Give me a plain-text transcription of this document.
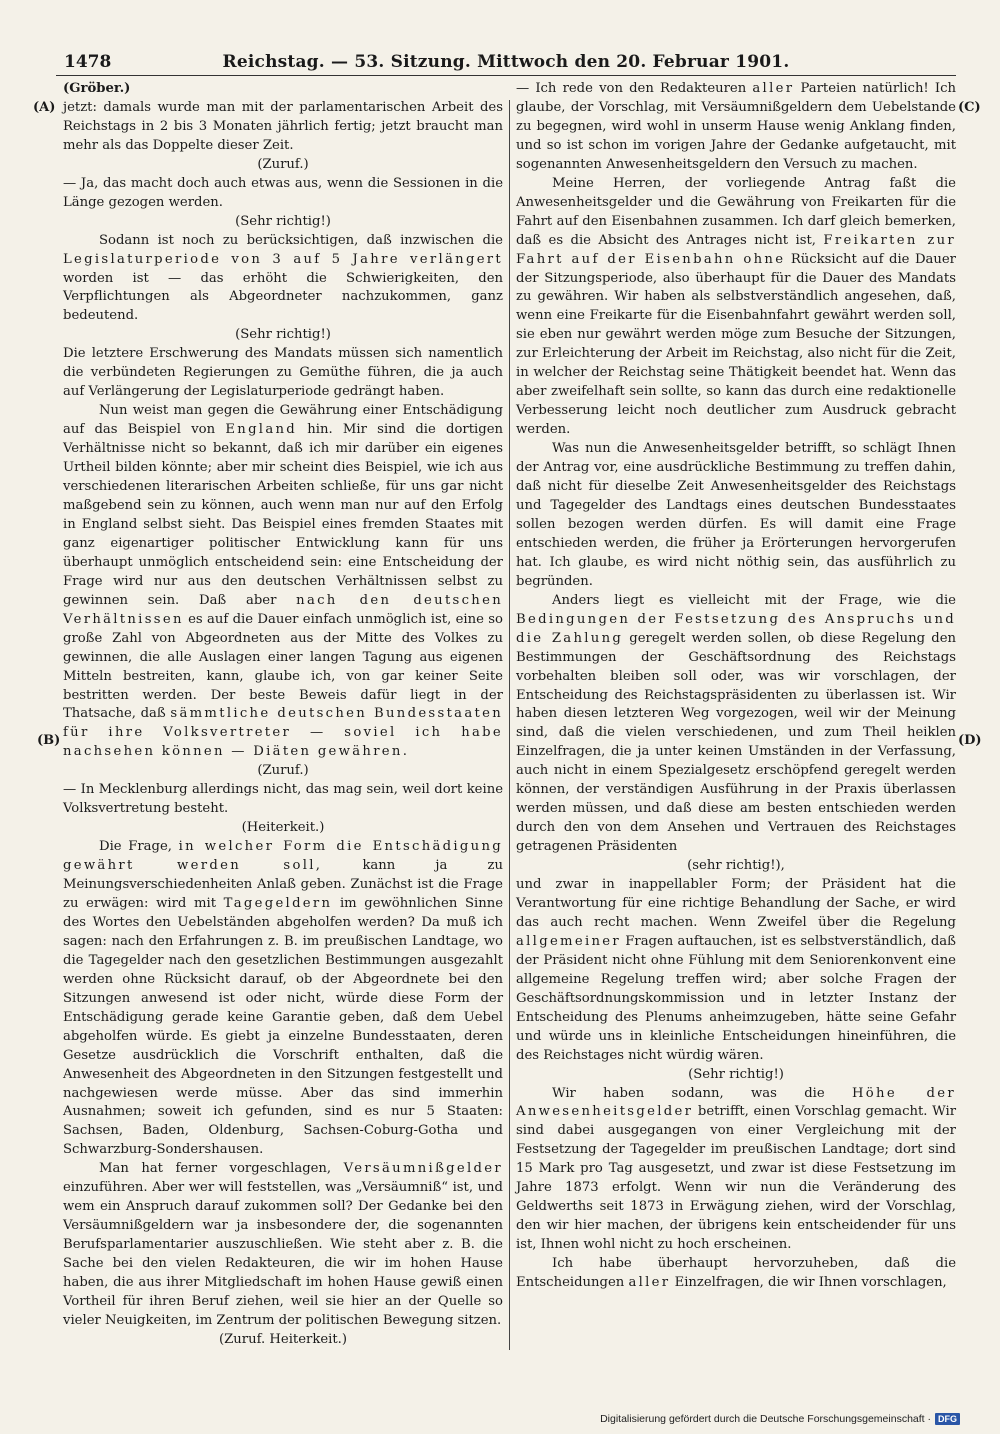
1478	Reichstag. — 53. Sitzung. Mittwoch den 20. Februar 1901.
(A)
(B)
(C)
(D)

(Gröber.)

jetzt: damals wurde man mit der parlamentarischen Arbeit des Reichstags in 2 bis 3 Monaten jährlich fertig; jetzt braucht man mehr als das Doppelte dieser Zeit.

(Zuruf.)

— Ja, das macht doch auch etwas aus, wenn die Sessionen in die Länge gezogen werden.

(Sehr richtig!)

Sodann ist noch zu berücksichtigen, daß inzwischen die Legislaturperiode von 3 auf 5 Jahre verlängert worden ist — das erhöht die Schwierigkeiten, den Verpflichtungen als Abgeordneter nachzukommen, ganz bedeutend.

(Sehr richtig!)

Die letztere Erschwerung des Mandats müssen sich namentlich die verbündeten Regierungen zu Gemüthe führen, die ja auch auf Verlängerung der Legislaturperiode gedrängt haben.

Nun weist man gegen die Gewährung einer Entschädigung auf das Beispiel von England hin. Mir sind die dortigen Verhältnisse nicht so bekannt, daß ich mir darüber ein eigenes Urtheil bilden könnte; aber mir scheint dies Beispiel, wie ich aus verschiedenen literarischen Arbeiten schließe, für uns gar nicht maßgebend sein zu können, auch wenn man nur auf den Erfolg in England selbst sieht. Das Beispiel eines fremden Staates mit ganz eigenartiger politischer Entwicklung kann für uns überhaupt unmöglich entscheidend sein: eine Entscheidung der Frage wird nur aus den deutschen Verhältnissen selbst zu gewinnen sein. Daß aber nach den deutschen Verhältnissen es auf die Dauer einfach unmöglich ist, eine so große Zahl von Abgeordneten aus der Mitte des Volkes zu gewinnen, die alle Auslagen einer langen Tagung aus eigenen Mitteln bestreiten, kann, glaube ich, von gar keiner Seite bestritten werden. Der beste Beweis dafür liegt in der Thatsache, daß sämmtliche deutschen Bundesstaaten für ihre Volksvertreter — soviel ich habe nachsehen können — Diäten gewähren.

(Zuruf.)

— In Mecklenburg allerdings nicht, das mag sein, weil dort keine Volksvertretung besteht.

(Heiterkeit.)

Die Frage, in welcher Form die Entschädigung gewährt werden soll,	kann ja zu Meinungsverschiedenheiten Anlaß geben. Zunächst ist die Frage zu erwägen: wird mit Tagegeldern im gewöhnlichen Sinne des Wortes den Uebelständen abgeholfen werden? Da muß ich sagen: nach den Erfahrungen z. B. im preußischen Landtage, wo die Tagegelder nach den gesetzlichen Bestimmungen ausgezahlt werden ohne Rücksicht darauf, ob der Abgeordnete bei den Sitzungen anwesend ist oder nicht, würde diese Form der Entschädigung gerade keine Garantie geben, daß dem Uebel abgeholfen würde. Es giebt ja einzelne Bundesstaaten, deren Gesetze ausdrücklich die Vorschrift enthalten, daß die Anwesenheit des Abgeordneten in den Sitzungen festgestellt und nachgewiesen werde müsse. Aber das sind immerhin Ausnahmen; soweit ich gefunden, sind es nur 5 Staaten: Sachsen, Baden, Oldenburg, Sachsen-Coburg-Gotha und Schwarzburg-Sondershausen.

Man hat ferner vorgeschlagen, Versäumnißgelder einzuführen. Aber wer will feststellen, was „Versäumniß“ ist, und wem ein Anspruch darauf zukommen soll? Der Gedanke bei den Versäumnißgeldern war ja insbesondere der, die sogenannten Berufsparlamentarier auszuschließen. Wie steht aber z. B. die Sache bei den vielen Redakteuren, die wir im hohen Hause haben, die aus ihrer Mitgliedschaft im hohen Hause gewiß einen Vortheil für ihren Beruf ziehen, weil sie hier an der Quelle so vieler Neuigkeiten, im Zentrum der politischen Bewegung sitzen.

(Zuruf. Heiterkeit.)

— Ich rede von den Redakteuren aller Parteien natürlich! Ich glaube, der Vorschlag, mit Versäumnißgeldern dem Uebelstande zu begegnen, wird wohl in unserm Hause wenig Anklang finden, und so ist schon im vorigen Jahre der Gedanke aufgetaucht, mit sogenannten Anwesenheitsgeldern den Versuch zu machen.

Meine Herren, der vorliegende Antrag faßt die Anwesenheitsgelder und die Gewährung von Freikarten für die Fahrt auf den Eisenbahnen zusammen. Ich darf gleich bemerken, daß es die Absicht des Antrages nicht ist, Freikarten zur Fahrt auf der Eisenbahn ohne Rücksicht auf die Dauer der Sitzungsperiode, also überhaupt für die Dauer des Mandats zu gewähren. Wir haben als selbstverständlich angesehen, daß, wenn eine Freikarte für die Eisenbahnfahrt gewährt werden soll, sie eben nur gewährt werden möge zum Besuche der Sitzungen, zur Erleichterung der Arbeit im Reichstag, also nicht für die Zeit, in welcher der Reichstag seine Thätigkeit beendet hat. Wenn das aber zweifelhaft sein sollte, so kann das durch eine redaktionelle Verbesserung leicht noch deutlicher zum Ausdruck gebracht werden.

Was nun die Anwesenheitsgelder betrifft, so schlägt Ihnen der Antrag vor, eine ausdrückliche Bestimmung zu treffen dahin, daß nicht für dieselbe Zeit Anwesenheitsgelder des Reichstags und Tagegelder des Landtags eines deutschen Bundesstaates sollen bezogen werden dürfen. Es will damit eine Frage entschieden werden, die früher ja Erörterungen hervorgerufen hat. Ich glaube, es wird nicht nöthig sein, das ausführlich zu begründen.

Anders liegt es vielleicht mit der Frage, wie die Bedingungen der Festsetzung des Anspruchs und die Zahlung geregelt werden sollen, ob diese Regelung den Bestimmungen der Geschäftsordnung des Reichstags vorbehalten bleiben soll oder, was wir vorschlagen, der Entscheidung des Reichstagspräsidenten zu überlassen ist. Wir haben diesen letzteren Weg vorgezogen, weil wir der Meinung sind, daß die vielen verschiedenen, und zum Theil heiklen Einzelfragen, die ja unter keinen Umständen in der Verfassung, auch nicht in einem Spezialgesetz erschöpfend geregelt werden können, der verständigen Ausführung in der Praxis überlassen werden müssen, und daß diese am besten entschieden werden durch den von dem Ansehen und Vertrauen des Reichstages getragenen Präsidenten

(sehr richtig!),

und zwar in inappellabler Form; der Präsident hat die Verantwortung für eine richtige Behandlung der Sache, er wird das auch recht machen. Wenn Zweifel über die Regelung allgemeiner Fragen auftauchen, ist es selbstverständlich, daß der Präsident nicht ohne Fühlung mit dem Seniorenkonvent eine allgemeine Regelung treffen wird; aber solche Fragen der Geschäftsordnungskommission und in letzter Instanz der Entscheidung des Plenums anheimzugeben, hätte seine Gefahr und würde uns in kleinliche Entscheidungen hineinführen, die des Reichstages nicht würdig wären.

(Sehr richtig!)

Wir haben sodann, was die Höhe der Anwesenheitsgelder betrifft, einen Vorschlag gemacht. Wir sind dabei ausgegangen von einer Vergleichung mit der Festsetzung der Tagegelder im preußischen Landtage; dort sind 15 Mark pro Tag ausgesetzt, und zwar ist diese Festsetzung im Jahre 1873 erfolgt. Wenn wir nun die Veränderung des Geldwerths seit 1873 in Erwägung ziehen, wird der Vorschlag, den wir hier machen, der übrigens kein entscheidender für uns ist, Ihnen wohl nicht zu hoch erscheinen.

Ich habe überhaupt hervorzuheben, daß die Entscheidungen aller Einzelfragen, die wir Ihnen vorschlagen,

Digitalisierung gefördert durch die Deutsche Forschungsgemeinschaft · DFG
